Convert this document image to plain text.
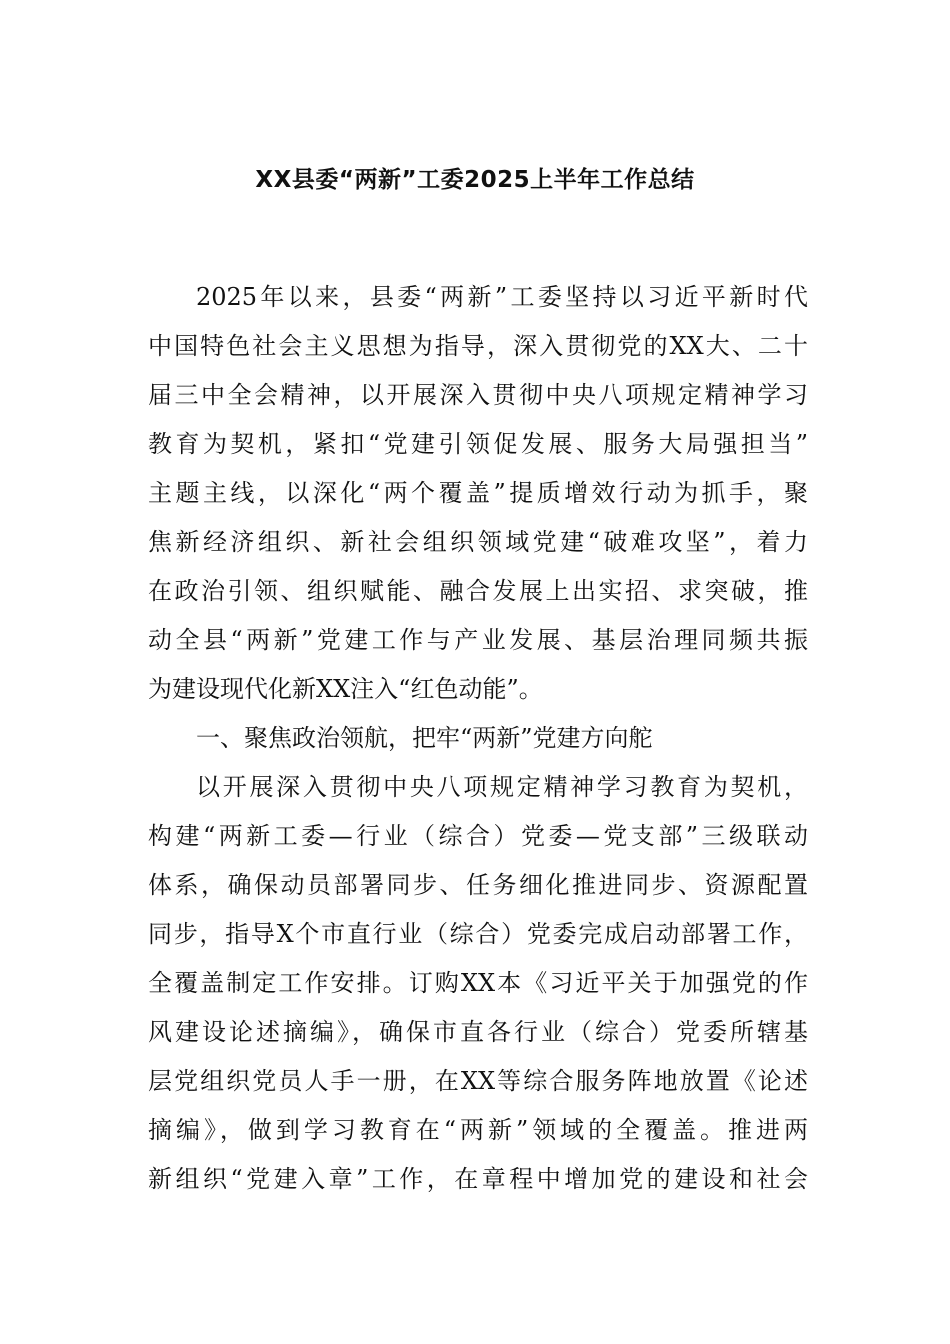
XX县委“两新”工委2025上半年工作总结
2025年以来，县委“两新”工委坚持以习近平新时代
中国特色社会主义思想为指导，深入贯彻党的XX大、二十
届三中全会精神，以开展深入贯彻中央八项规定精神学习
教育为契机，紧扣“党建引领促发展、服务大局强担当”
主题主线，以深化“两个覆盖”提质增效行动为抓手，聚
焦新经济组织、新社会组织领域党建“破难攻坚”，着力
在政治引领、组织赋能、融合发展上出实招、求突破，推
动全县“两新”党建工作与产业发展、基层治理同频共振
为建设现代化新XX注入“红色动能”。
一、聚焦政治领航，把牢“两新”党建方向舵
以开展深入贯彻中央八项规定精神学习教育为契机，
构建“两新工委—行业（综合）党委—党支部”三级联动
体系，确保动员部署同步、任务细化推进同步、资源配置
同步，指导X个市直行业（综合）党委完成启动部署工作，
全覆盖制定工作安排。订购XX本《习近平关于加强党的作
风建设论述摘编》，确保市直各行业（综合）党委所辖基
层党组织党员人手一册，在XX等综合服务阵地放置《论述
摘编》，做到学习教育在“两新”领域的全覆盖。推进两
新组织“党建入章”工作，在章程中增加党的建设和社会
